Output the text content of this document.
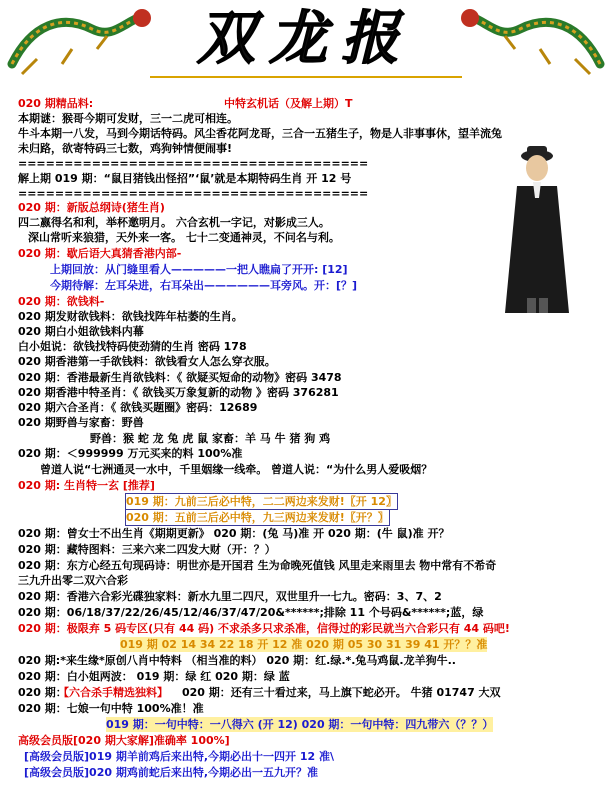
双龙报
020 期精品料:	中特玄机话（及解上期）T
本期谜：猴哥今期可发财，三一二虎可相连。
牛斗本期一八发，马到今期话特码。风尘香花阿龙哥，三合一五猪生子，物是人非事事休，望羊流兔
未归路，欲寄特码三七数，鸡狗钟情便闹事!
======================================
解上期 019 期：“鼠目猪钱出怪招”‘鼠’就是本期特码生肖 开 12 号
======================================
020 期：新版总纲诗(猪生肖)
四二嬴得名和利，举杯邀明月。 六合玄机一字记，对影成三人。
深山常听来狼猎，天外来一客。 七十二变通神灵，不问名与利。
020 期：歇后语大真猜香港内部-
上期回放：从门缝里看人—————一把人瞧扁了开开: [12]
今期待解：左耳朵进，右耳朵出——————耳旁风。开：[？]
020 期：欲钱料-
020 期发财欲钱料：欲钱找阵年枯萎的生肖。
020 期白小姐欲钱料内幕
白小姐说：欲钱找特码使劲猜的生肖 密码 178
020 期香港第一手欲钱料：欲钱看女人怎么穿衣服。
020 期：香港最新生肖欲钱料：《 欲疑买短命的动物》密码 3478
020 期香港中特圣肖：《 欲钱买万象复新的动物 》密码 376281
020 期六合圣肖：《 欲钱买题圈》密码：12689
020 期野兽与家畜：野兽
野兽：猴 蛇 龙 兔 虎 鼠 家畜：羊 马 牛 猪 狗 鸡
020 期：＜999999 万元买来的料 100%准
曾道人说“七洲通灵一水中，千里姻缘一线牵。 曾道人说：“为什么男人爱吸烟？
020 期: 生肖特一玄 [推荐]
019 期：九前三后必中特，二二两边来发财!〖开 12〗
020 期：五前三后必中特，九三两边来发财!〖开？〗
020 期：曾女士不出生肖《期期更新》 020 期：(兔 马)准 开 020 期：(牛 鼠)准 开？
020 期：藏特图料：三来六来二四发大财（开：？）
020 期：东方心经五句现码诗：明世亦是开国君 生为命晚死值钱 风里走来雨里去 物中常有不希奇
三九升出零二双六合彩
020 期：香港六合彩光碟独家料：新水九里二四尺，双世里升一七九。密码：3、7、2
020 期：06/18/37/22/26/45/12/46/37/47/20&******;排除 11 个号码&******;蓝，绿
020 期：极限弃 5 码专区(只有 44 码) 不求杀多只求杀准，信得过的彩民就当六合彩只有 44 码吧!
019 期 02 14 34 22 18 开 12 准 020 期 05 30 31 39 41 开？？准
020 期:*来生缘*原创八肖中特料 （相当准的料） 020 期：红.绿.*.兔马鸡鼠.龙羊狗牛..
020 期：白小姐两波： 019 期：绿 红 020 期：绿 蓝
020 期：
【六合杀手精选独料】 020 期：还有三十看过来，马上旗下蛇必开。 牛猪 01747 大双
020 期：七娘一句中特 100%准！准
019 期：一句中特：一八得六 (开 12) 020 期：一句中特：四九带六（？？）
高级会员版[020 期大家解]准确率 100%]
[高级会员版]019 期羊前鸡后来出特,今期必出十一四开 12 准\
[高级会员版]020 期鸡前蛇后来出特,今期必出一五九开？准
